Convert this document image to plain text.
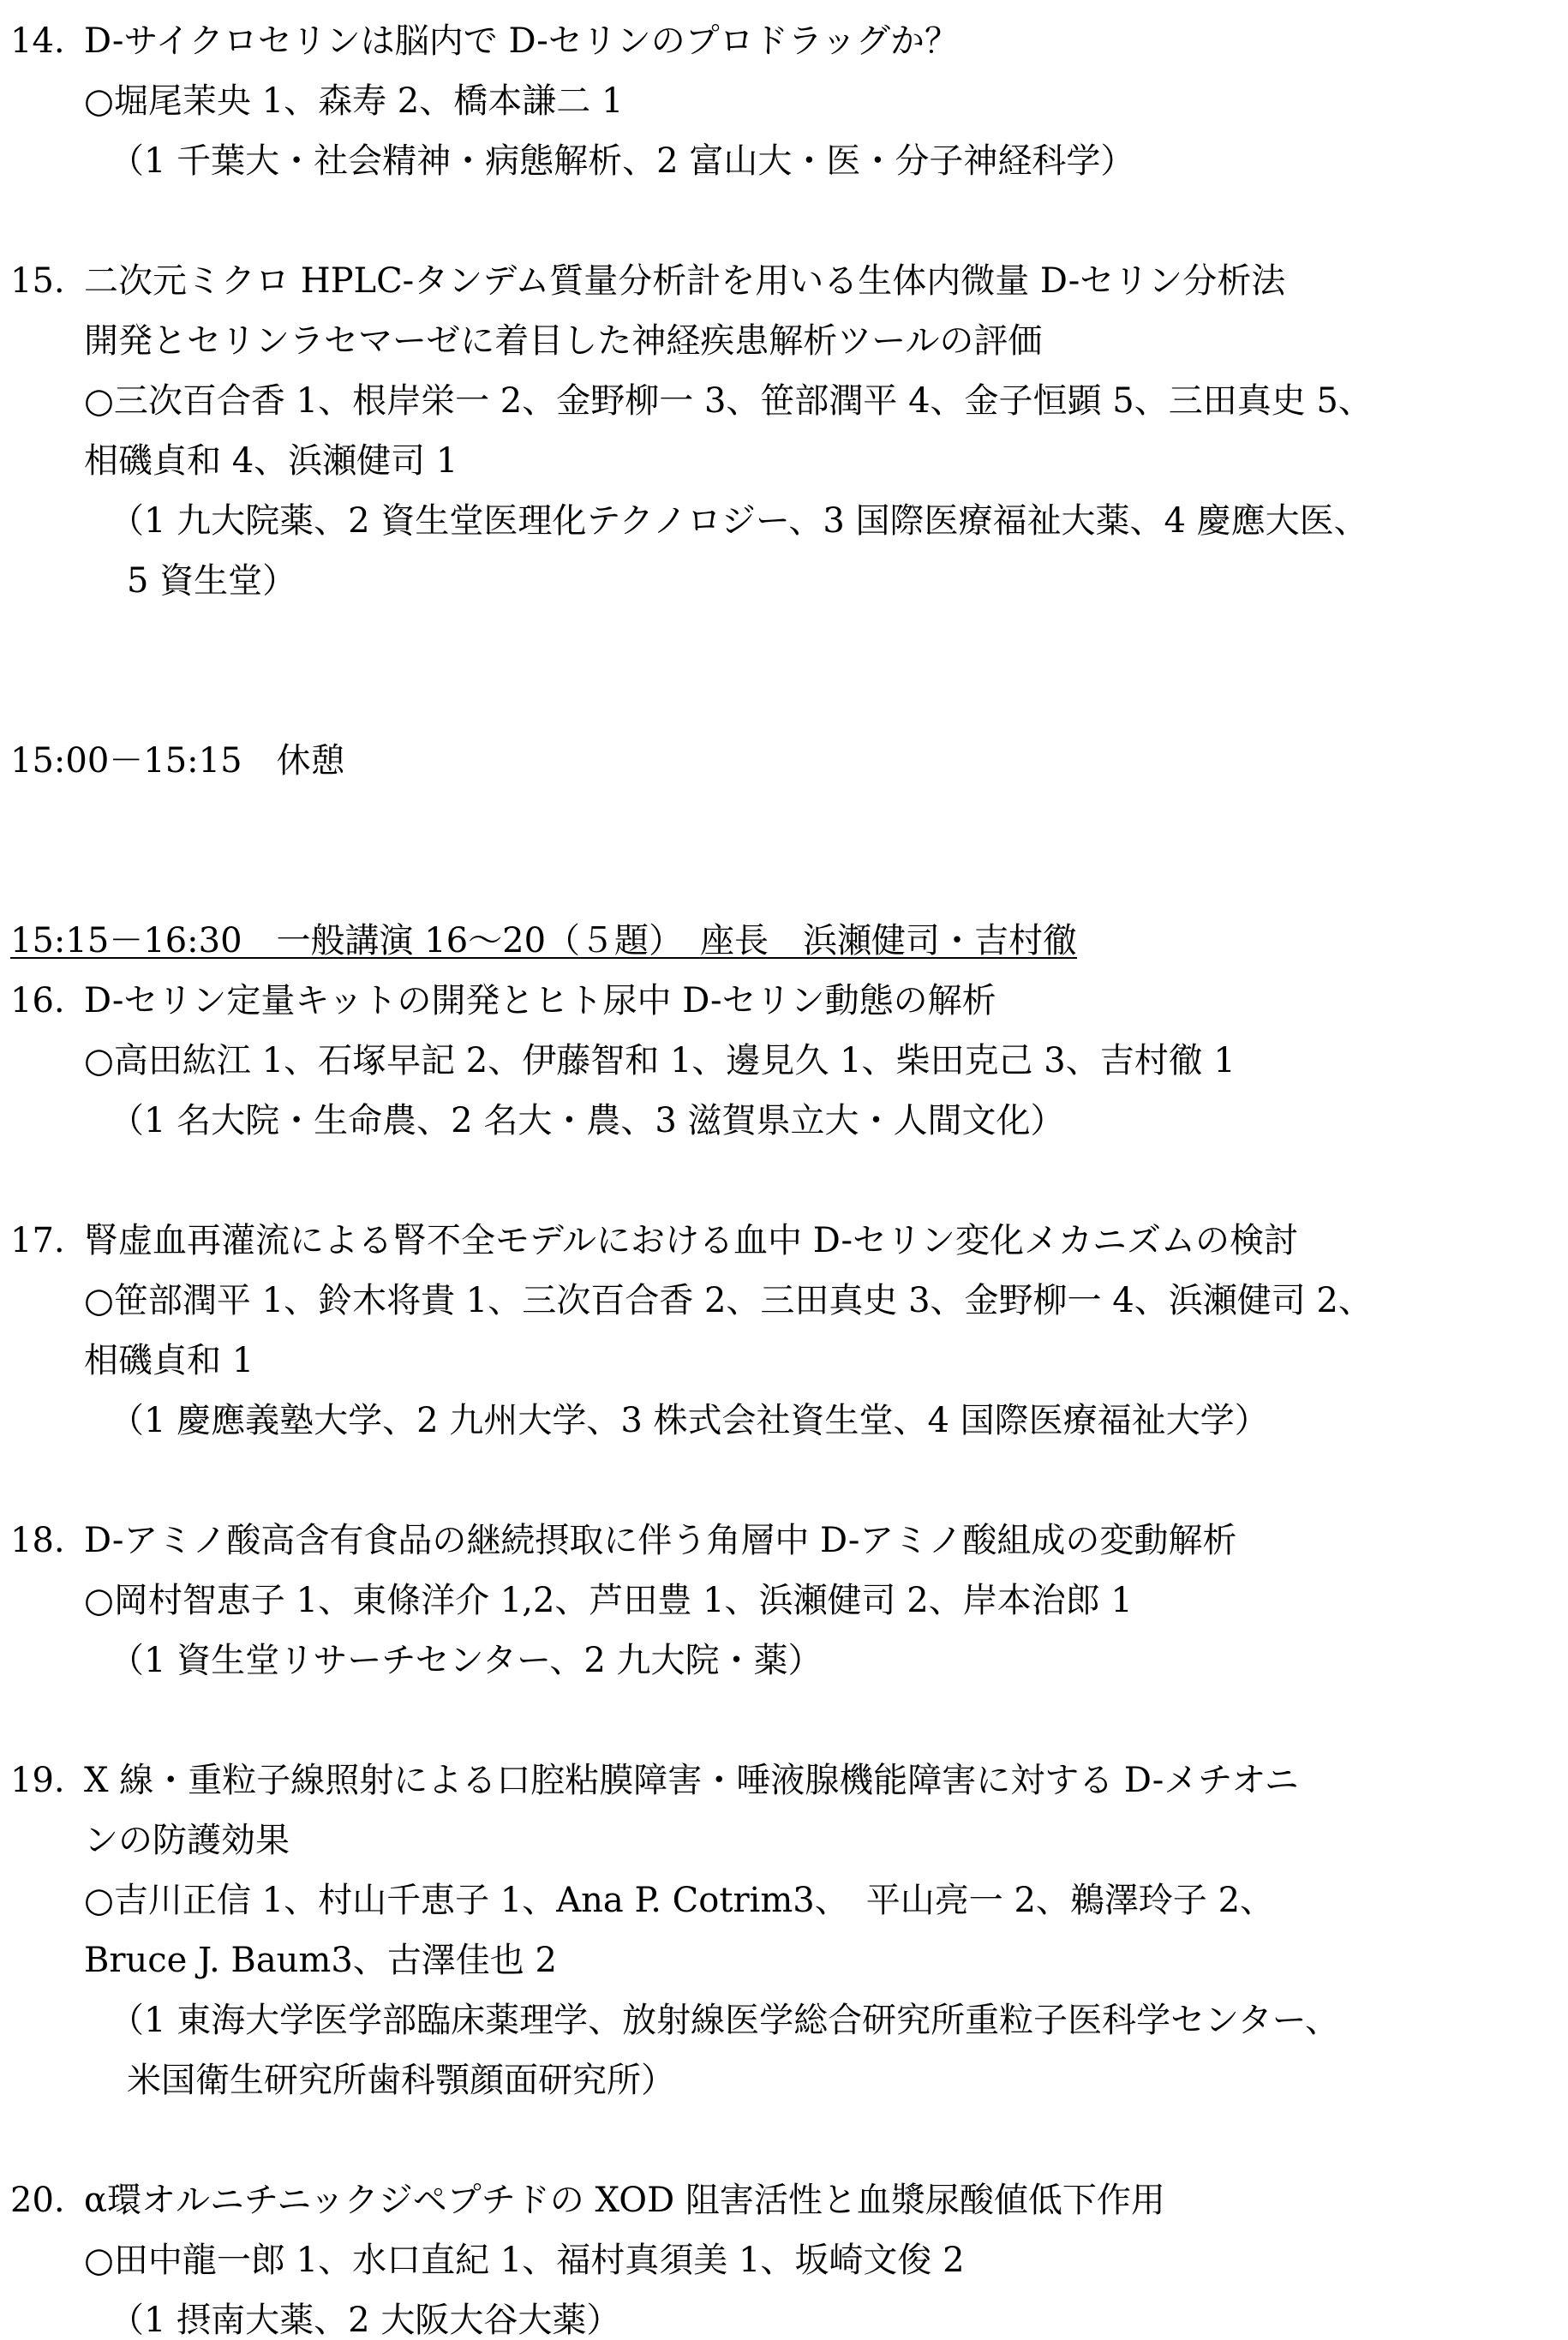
14. D-サイクロセリンは脳内で D-セリンのプロドラッグか？
○堀尾茉央 1、森寿 2、橋本謙二 1
（1 千葉大・社会精神・病態解析、2 富山大・医・分子神経科学）
15. 二次元ミクロ HPLC-タンデム質量分析計を用いる生体内微量 D-セリン分析法
開発とセリンラセマーゼに着目した神経疾患解析ツールの評価
○三次百合香 1、根岸栄一 2、金野柳一 3、笹部潤平 4、金子恒顕 5、三田真史 5、
相磯貞和 4、浜瀬健司 1
（1 九大院薬、2 資生堂医理化テクノロジー、3 国際医療福祉大薬、4 慶應大医、
5 資生堂）
15:00－15:15　休憩
15:15－16:30　一般講演 16～20（５題）　座長　浜瀬健司・吉村徹
16. D-セリン定量キットの開発とヒト尿中 D-セリン動態の解析
○高田紘江 1、石塚早記 2、伊藤智和 1、邊見久 1、柴田克己 3、吉村徹 1
（1 名大院・生命農、2 名大・農、3 滋賀県立大・人間文化）
17. 腎虚血再灌流による腎不全モデルにおける血中 D-セリン変化メカニズムの検討
○笹部潤平 1、鈴木将貴 1、三次百合香 2、三田真史 3、金野柳一 4、浜瀬健司 2、
相磯貞和 1
（1 慶應義塾大学、2 九州大学、3 株式会社資生堂、4 国際医療福祉大学）
18. D-アミノ酸高含有食品の継続摂取に伴う角層中 D-アミノ酸組成の変動解析
○岡村智恵子 1、東條洋介 1,2、芦田豊 1、浜瀬健司 2、岸本治郎 1
（1 資生堂リサーチセンター、2 九大院・薬）
19. X 線・重粒子線照射による口腔粘膜障害・唾液腺機能障害に対する D-メチオニ
ンの防護効果
○吉川正信 1、村山千恵子 1、Ana P. Cotrim3、　平山亮一 2、鵜澤玲子 2、
Bruce J. Baum3、古澤佳也 2
（1 東海大学医学部臨床薬理学、放射線医学総合研究所重粒子医科学センター、
米国衛生研究所歯科顎顔面研究所）
20. α環オルニチニックジペプチドの XOD 阻害活性と血漿尿酸値低下作用
○田中龍一郎 1、水口直紀 1、福村真須美 1、坂崎文俊 2
（1 摂南大薬、2 大阪大谷大薬）
